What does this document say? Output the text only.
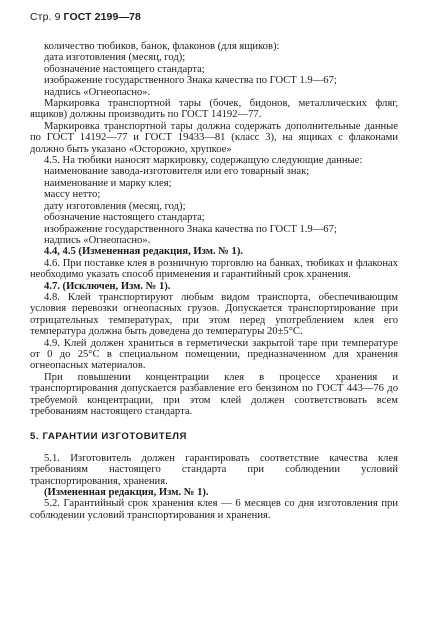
Стр. 9 ГОСТ 2199—78

количество тюбиков, банок, флаконов (для ящиков):

дата изготовления (месяц, год);

обозначение настоящего стандарта;

изображение государственного Знака качества по ГОСТ 1.9—67;

надпись «Огнеопасно».

Маркировка транспортной тары (бочек, бидонов, металлических фляг, ящиков) должны производить по ГОСТ 14192—77.

Маркировка транспортной тары должна содержать дополнительные данные по ГОСТ 14192—77 и ГОСТ 19433—81 (класс 3), на ящиках с флаконами должно быть указано «Осторожно, хрупкое»

4.5. На тюбики наносят маркировку, содержащую следующие данные:

наименование завода-изготовителя или его товарный знак;

наименование и марку клея;

массу нетто;

дату изготовления (месяц, год);

обозначение настоящего стандарта;

изображение государственного Знака качества по ГОСТ 1.9—67;

надпись «Огнеопасно».

4.4, 4.5 (Измененная редакция, Изм. № 1).

4.6. При поставке клея в розничную торговлю на банках, тюбиках и флаконах необходимо указать способ применения и гарантийный срок хранения.

4.7. (Исключен, Изм. № 1).

4.8. Клей транспортируют любым видом транспорта, обеспечивающим условия перевозки огнеопасных грузов. Допускается транспортирование при отрицательных температурах, при этом перед употреблением клея его температура должна быть доведена до температуры 20±5°С.

4.9. Клей должен храниться в герметически закрытой таре при температуре от 0 до 25°С в специальном помещении, предназначенном для хранения огнеопасных материалов.

При повышении концентрации клея в процессе хранения и транспортирования допускается разбавление его бензином по ГОСТ 443—76 до требуемой концентрации, при этом клей должен соответствовать всем требованиям настоящего стандарта.

5. ГАРАНТИИ ИЗГОТОВИТЕЛЯ

5.1. Изготовитель должен гарантировать соответствие качества клея требованиям настоящего стандарта при соблюдении условий транспортирования, хранения.

(Измененная редакция, Изм. № 1).

5.2. Гарантийный срок хранения клея — 6 месяцев со дня изготовления при соблюдении условий транспортирования и хранения.
